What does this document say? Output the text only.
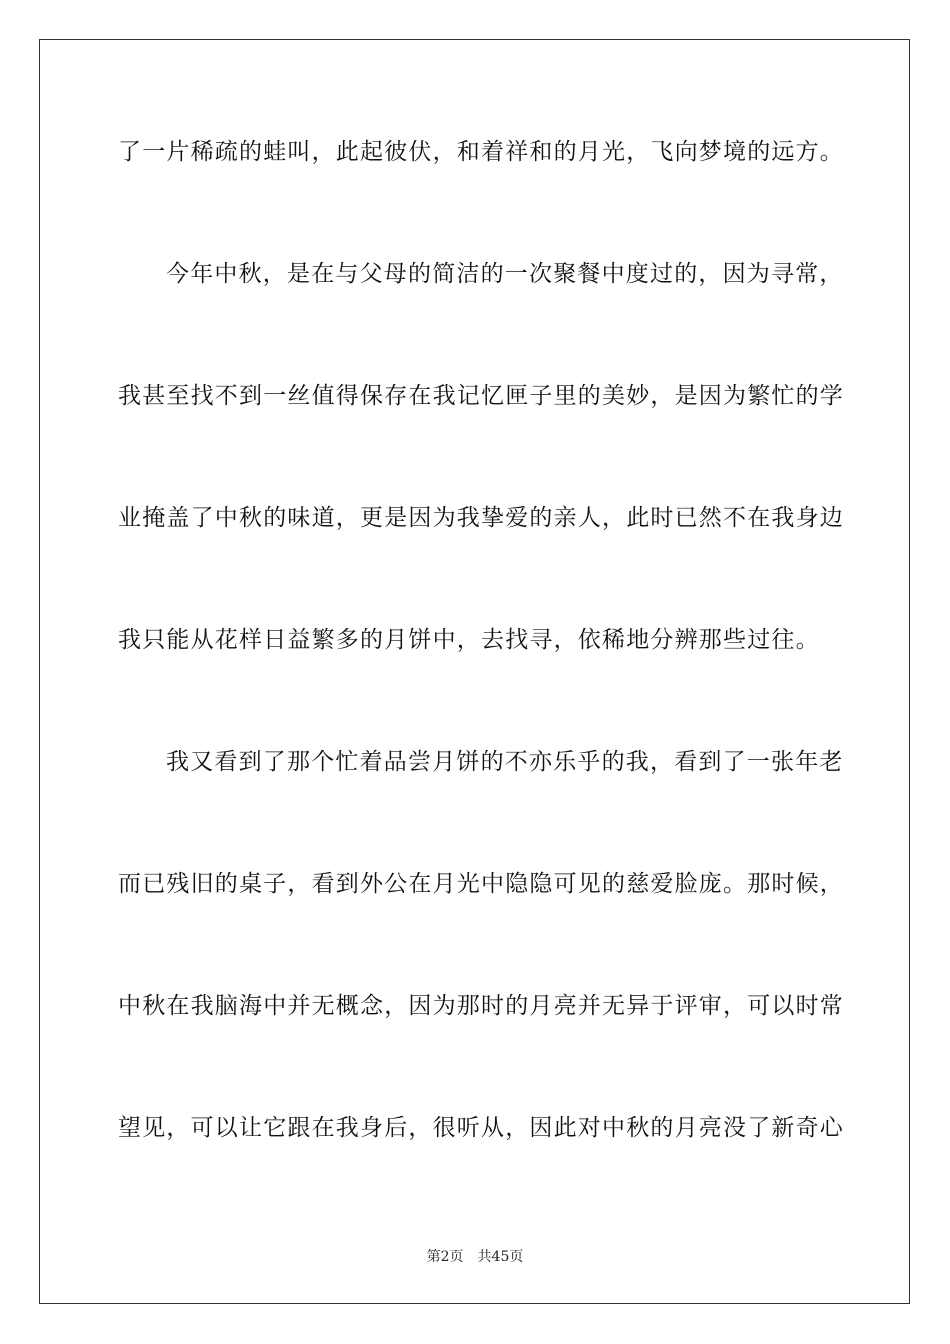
了一片稀疏的蛙叫，此起彼伏，和着祥和的月光，飞向梦境的远方。
今年中秋，是在与父母的简洁的一次聚餐中度过的，因为寻常，
我甚至找不到一丝值得保存在我记忆匣子里的美妙，是因为繁忙的学
业掩盖了中秋的味道，更是因为我挚爱的亲人，此时已然不在我身边
我只能从花样日益繁多的月饼中，去找寻，依稀地分辨那些过往。
我又看到了那个忙着品尝月饼的不亦乐乎的我，看到了一张年老
而已残旧的桌子，看到外公在月光中隐隐可见的慈爱脸庞。那时候，
中秋在我脑海中并无概念，因为那时的月亮并无异于评审，可以时常
望见，可以让它跟在我身后，很听从，因此对中秋的月亮没了新奇心
第2页 共45页
